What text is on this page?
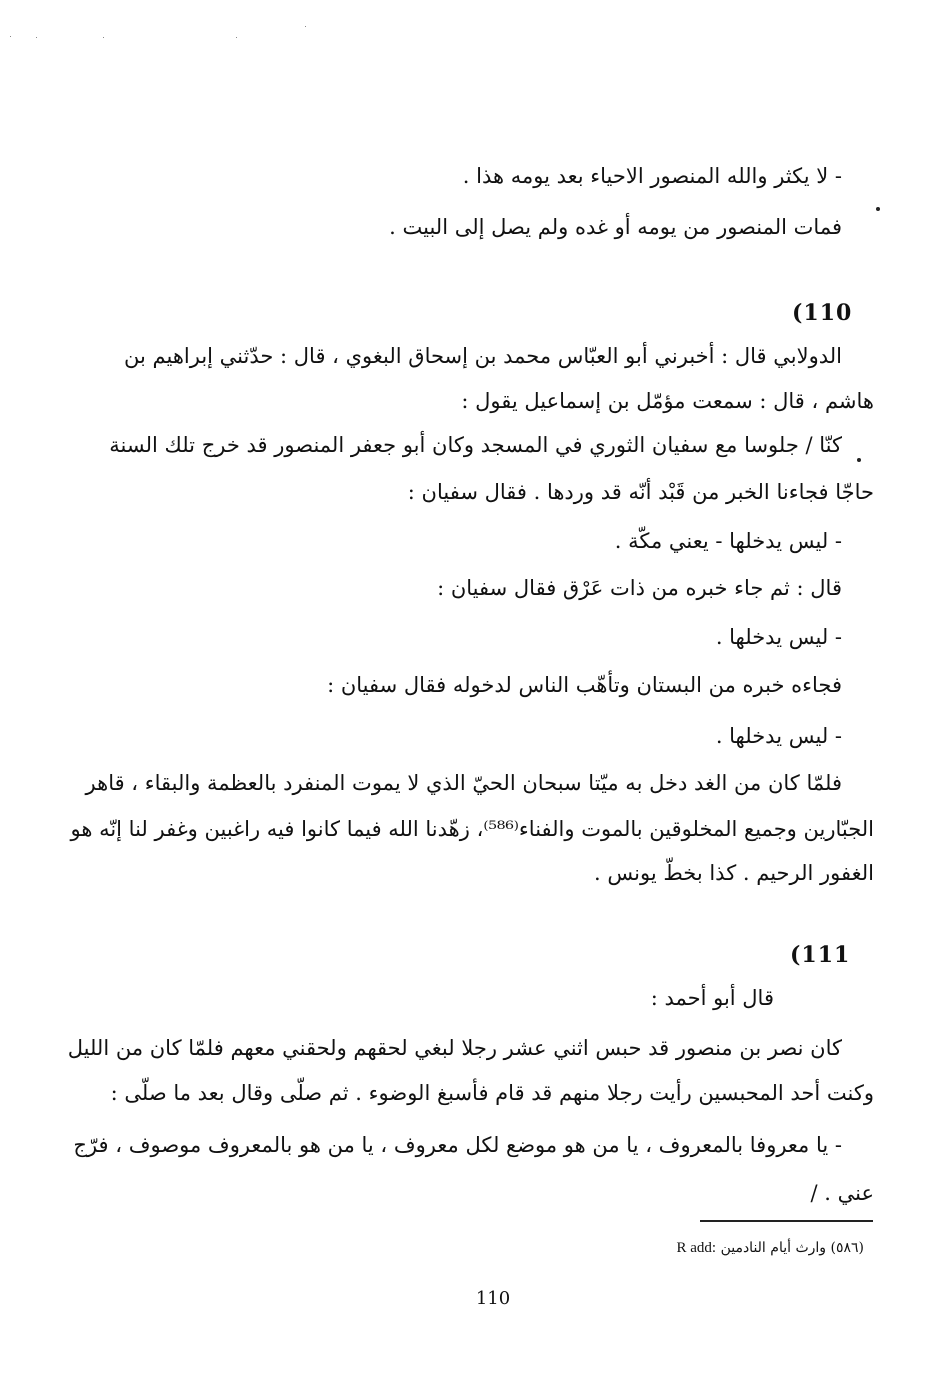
- لا يكثر والله المنصور الاحياء بعد يومه هذا .
فمات المنصور من يومه أو غده ولم يصل إلى البيت .
(110
الدولابي قال : أخبرني أبو العبّاس محمد بن إسحاق البغوي ، قال : حدّثني إبراهيم بن
هاشم ، قال : سمعت مؤمّل بن إسماعيل يقول :
كنّا / جلوسا مع سفيان الثوري في المسجد وكان أبو جعفر المنصور قد خرج تلك السنة
حاجّا فجاءنا الخبر من قَبْد أنّه قد وردها . فقال سفيان :
- ليس يدخلها - يعني مكّة .
قال : ثم جاء خبره من ذات عَرْق فقال سفيان :
- ليس يدخلها .
فجاءه خبره من البستان وتأهّب الناس لدخوله فقال سفيان :
- ليس يدخلها .
فلمّا كان من الغد دخل به ميّتا سبحان الحيّ الذي لا يموت المنفرد بالعظمة والبقاء ، قاهر
الجبّارين وجميع المخلوقين بالموت والفناء⁽⁵⁸⁶⁾، زهّدنا الله فيما كانوا فيه راغبين وغفر لنا إنّه هو
الغفور الرحيم . كذا بخطّ يونس .
(111
قال أبو أحمد :
كان نصر بن منصور قد حبس اثني عشر رجلا لبغي لحقهم ولحقني معهم فلمّا كان من الليل
وكنت أحد المحبسين رأيت رجلا منهم قد قام فأسبغ الوضوء . ثم صلّى وقال بعد ما صلّى :
- يا معروفا بالمعروف ، يا من هو موضع لكل معروف ، يا من هو بالمعروف موصوف ، فرّج
عني . /
(٥٨٦) وارث أيام النادمين R add:
110
